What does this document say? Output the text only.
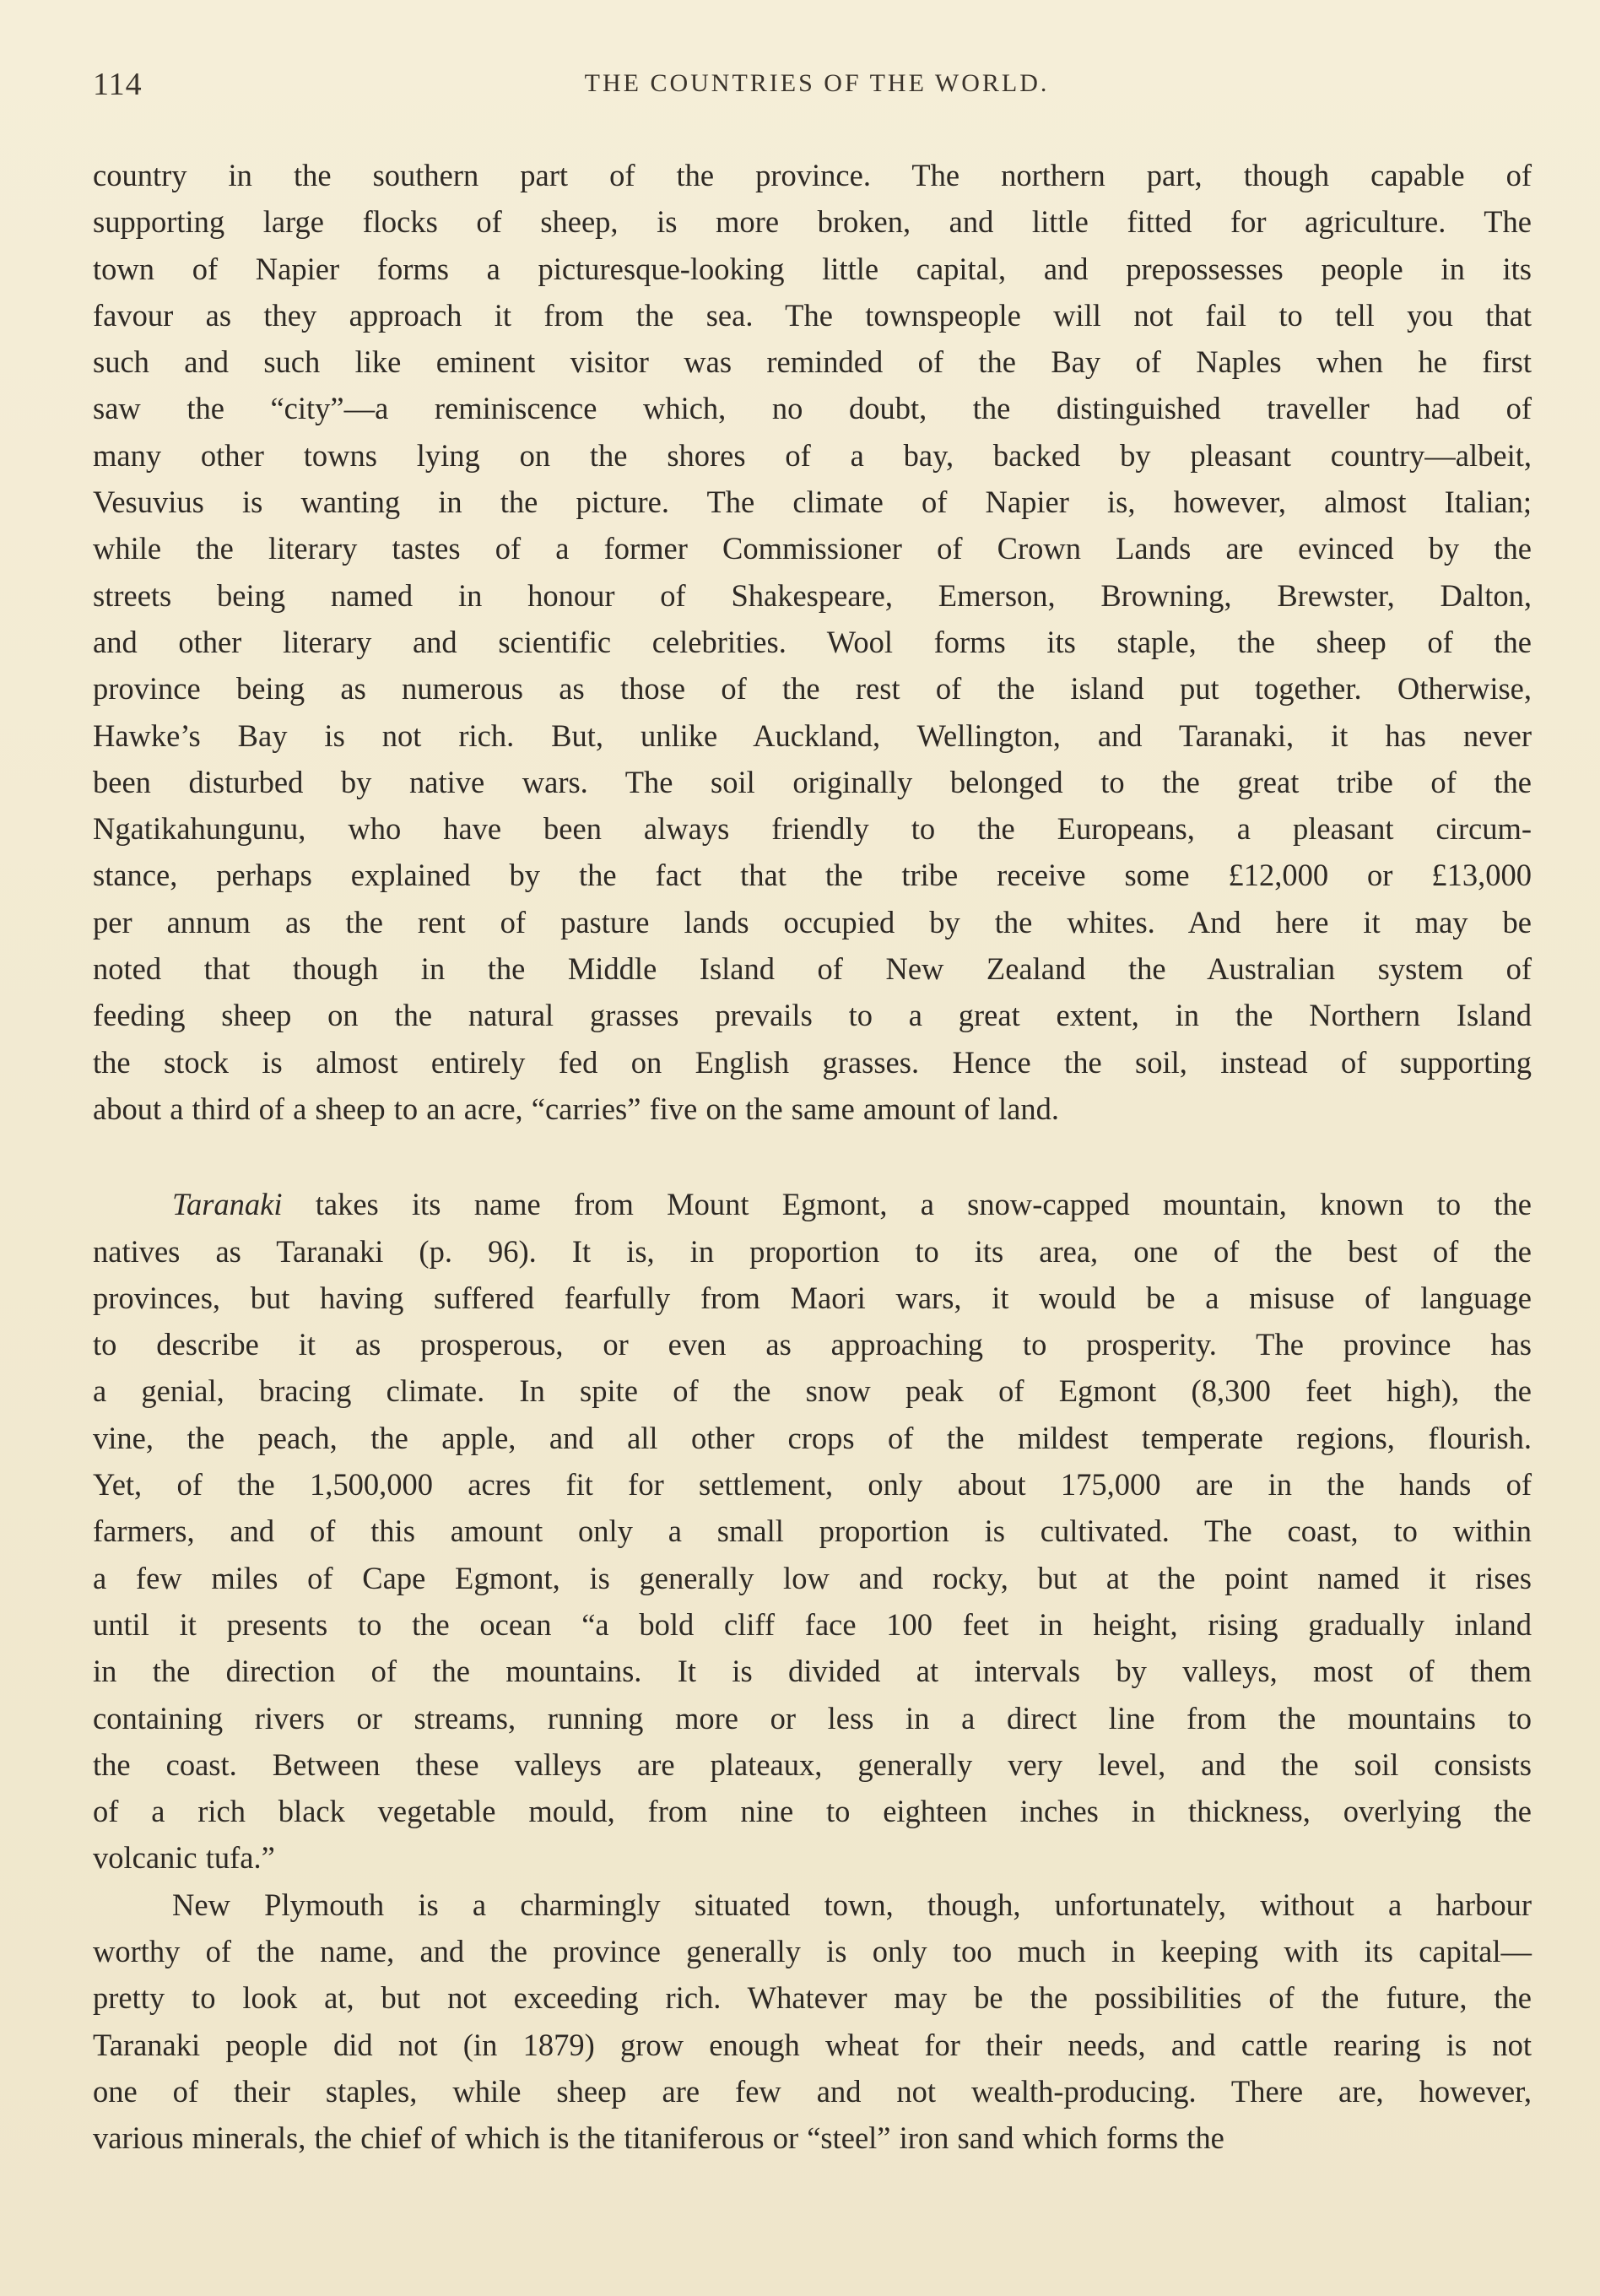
114	THE COUNTRIES OF THE WORLD.
country in the southern part of the province. The northern part, though capable of
supporting large flocks of sheep, is more broken, and little fitted for agriculture. The
town of Napier forms a picturesque-looking little capital, and prepossesses people in its
favour as they approach it from the sea. The townspeople will not fail to tell you that
such and such like eminent visitor was reminded of the Bay of Naples when he first
saw the “city”—a reminiscence which, no doubt, the distinguished traveller had of
many other towns lying on the shores of a bay, backed by pleasant country—albeit,
Vesuvius is wanting in the picture. The climate of Napier is, however, almost Italian;
while the literary tastes of a former Commissioner of Crown Lands are evinced by the
streets being named in honour of Shakespeare, Emerson, Browning, Brewster, Dalton,
and other literary and scientific celebrities. Wool forms its staple, the sheep of the
province being as numerous as those of the rest of the island put together. Otherwise,
Hawke’s Bay is not rich. But, unlike Auckland, Wellington, and Taranaki, it has never
been disturbed by native wars. The soil originally belonged to the great tribe of the
Ngatikahungunu, who have been always friendly to the Europeans, a pleasant circum-
stance, perhaps explained by the fact that the tribe receive some £12,000 or £13,000
per annum as the rent of pasture lands occupied by the whites. And here it may be
noted that though in the Middle Island of New Zealand the Australian system of
feeding sheep on the natural grasses prevails to a great extent, in the Northern Island
the stock is almost entirely fed on English grasses. Hence the soil, instead of supporting
about a third of a sheep to an acre, “carries” five on the same amount of land.
Taranaki takes its name from Mount Egmont, a snow-capped mountain, known to the
natives as Taranaki (p. 96). It is, in proportion to its area, one of the best of the
provinces, but having suffered fearfully from Maori wars, it would be a misuse of language
to describe it as prosperous, or even as approaching to prosperity. The province has
a genial, bracing climate. In spite of the snow peak of Egmont (8,300 feet high), the
vine, the peach, the apple, and all other crops of the mildest temperate regions, flourish.
Yet, of the 1,500,000 acres fit for settlement, only about 175,000 are in the hands of
farmers, and of this amount only a small proportion is cultivated. The coast, to within
a few miles of Cape Egmont, is generally low and rocky, but at the point named it rises
until it presents to the ocean “a bold cliff face 100 feet in height, rising gradually inland
in the direction of the mountains. It is divided at intervals by valleys, most of them
containing rivers or streams, running more or less in a direct line from the mountains to
the coast. Between these valleys are plateaux, generally very level, and the soil consists
of a rich black vegetable mould, from nine to eighteen inches in thickness, overlying the
volcanic tufa.”
New Plymouth is a charmingly situated town, though, unfortunately, without a harbour
worthy of the name, and the province generally is only too much in keeping with its capital—
pretty to look at, but not exceeding rich. Whatever may be the possibilities of the future, the
Taranaki people did not (in 1879) grow enough wheat for their needs, and cattle rearing is not
one of their staples, while sheep are few and not wealth-producing. There are, however,
various minerals, the chief of which is the titaniferous or “steel” iron sand which forms the
